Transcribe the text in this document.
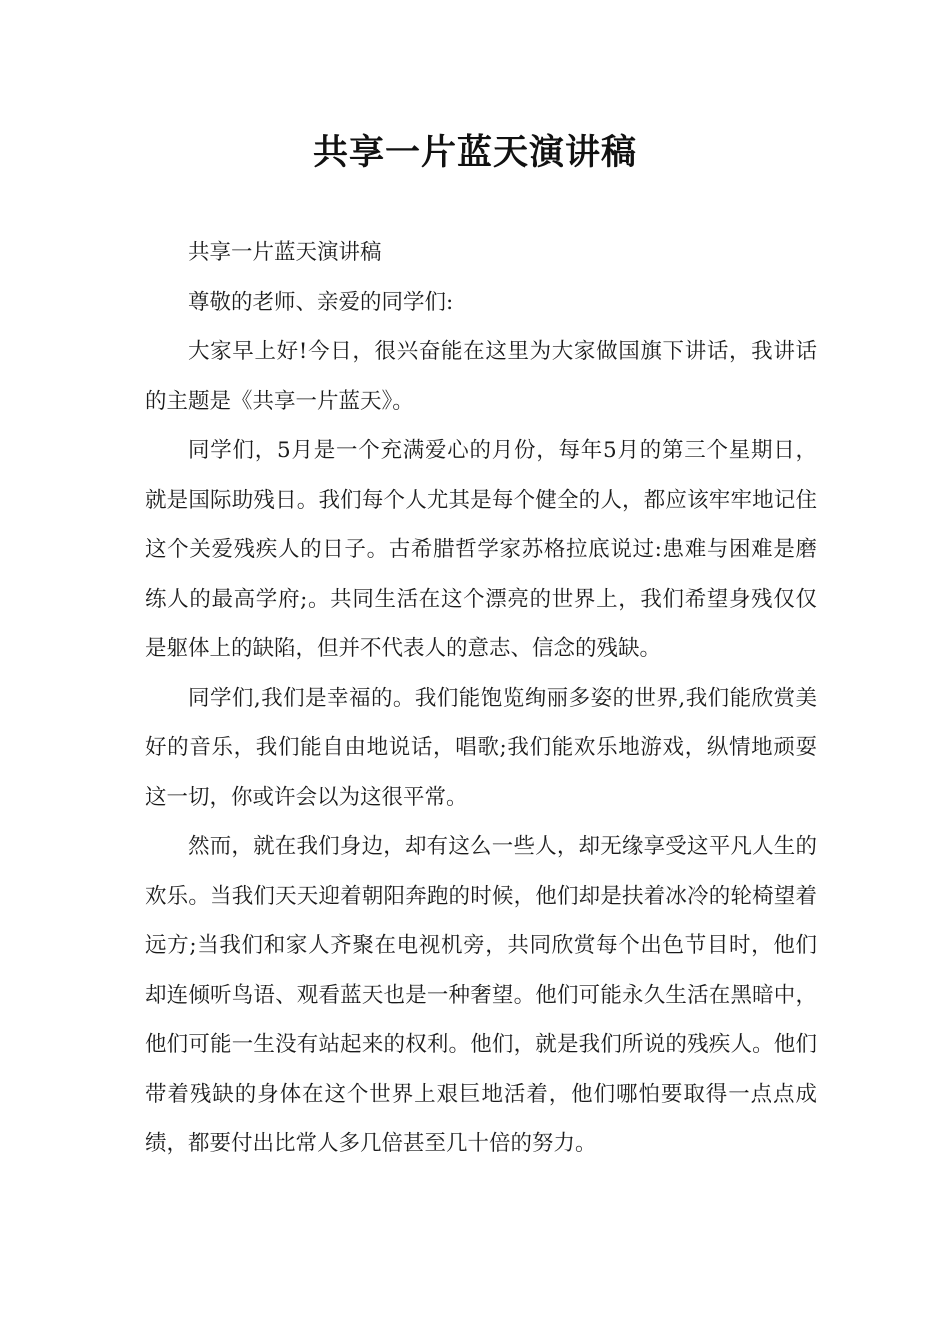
共享一片蓝天演讲稿

共享一片蓝天演讲稿

尊敬的老师、亲爱的同学们:

大家早上好!今日，很兴奋能在这里为大家做国旗下讲话，我讲话的主题是《共享一片蓝天》。

同学们，5月是一个充满爱心的月份，每年5月的第三个星期日，就是国际助残日。我们每个人尤其是每个健全的人，都应该牢牢地记住这个关爱残疾人的日子。古希腊哲学家苏格拉底说过:患难与困难是磨练人的最高学府;。共同生活在这个漂亮的世界上，我们希望身残仅仅是躯体上的缺陷，但并不代表人的意志、信念的残缺。

同学们,我们是幸福的。我们能饱览绚丽多姿的世界,我们能欣赏美好的音乐，我们能自由地说话，唱歌;我们能欢乐地游戏，纵情地顽耍这一切，你或许会以为这很平常。

然而，就在我们身边，却有这么一些人，却无缘享受这平凡人生的欢乐。当我们天天迎着朝阳奔跑的时候，他们却是扶着冰冷的轮椅望着远方;当我们和家人齐聚在电视机旁，共同欣赏每个出色节目时，他们却连倾听鸟语、观看蓝天也是一种奢望。他们可能永久生活在黑暗中，他们可能一生没有站起来的权利。他们，就是我们所说的残疾人。他们带着残缺的身体在这个世界上艰巨地活着，他们哪怕要取得一点点成绩，都要付出比常人多几倍甚至几十倍的努力。
